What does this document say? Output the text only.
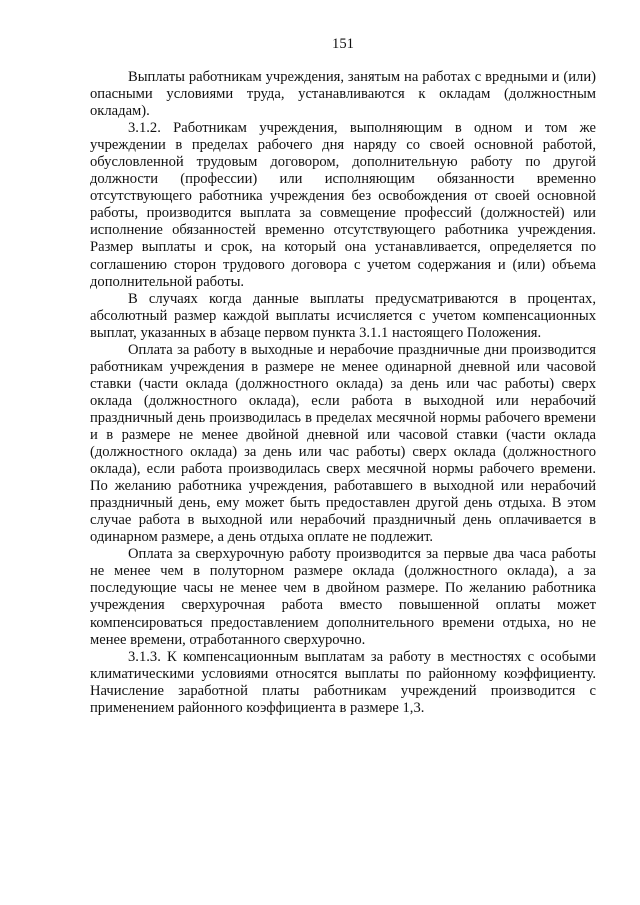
151

Выплаты работникам учреждения, занятым на работах с вредными и (или) опасными условиями труда, устанавливаются к окладам (должностным окладам).

3.1.2. Работникам учреждения, выполняющим в одном и том же учреждении в пределах рабочего дня наряду со своей основной работой, обусловленной трудовым договором, дополнительную работу по другой должности (профессии) или исполняющим обязанности временно отсутствующего работника учреждения без освобождения от своей основной работы, производится выплата за совмещение профессий (должностей) или исполнение обязанностей временно отсутствующего работника учреждения. Размер выплаты и срок, на который она устанавливается, определяется по соглашению сторон трудового договора с учетом содержания и (или) объема дополнительной работы.

В случаях когда данные выплаты предусматриваются в процентах, абсолютный размер каждой выплаты исчисляется с учетом компенсационных выплат, указанных в абзаце первом пункта 3.1.1 настоящего Положения.

Оплата за работу в выходные и нерабочие праздничные дни производится работникам учреждения в размере не менее одинарной дневной или часовой ставки (части оклада (должностного оклада) за день или час работы) сверх оклада (должностного оклада), если работа в выходной или нерабочий праздничный день производилась в пределах месячной нормы рабочего времени и в размере не менее двойной дневной или часовой ставки (части оклада (должностного оклада) за день или час работы) сверх оклада (должностного оклада), если работа производилась сверх месячной нормы рабочего времени. По желанию работника учреждения, работавшего в выходной или нерабочий праздничный день, ему может быть предоставлен другой день отдыха. В этом случае работа в выходной или нерабочий праздничный день оплачивается в одинарном размере, а день отдыха оплате не подлежит.

Оплата за сверхурочную работу производится за первые два часа работы не менее чем в полуторном размере оклада (должностного оклада), а за последующие часы не менее чем в двойном размере. По желанию работника учреждения сверхурочная работа вместо повышенной оплаты может компенсироваться предоставлением дополнительного времени отдыха, но не менее времени, отработанного сверхурочно.

3.1.3. К компенсационным выплатам за работу в местностях с особыми климатическими условиями относятся выплаты по районному коэффициенту. Начисление заработной платы работникам учреждений производится с применением районного коэффициента в размере 1,3.
